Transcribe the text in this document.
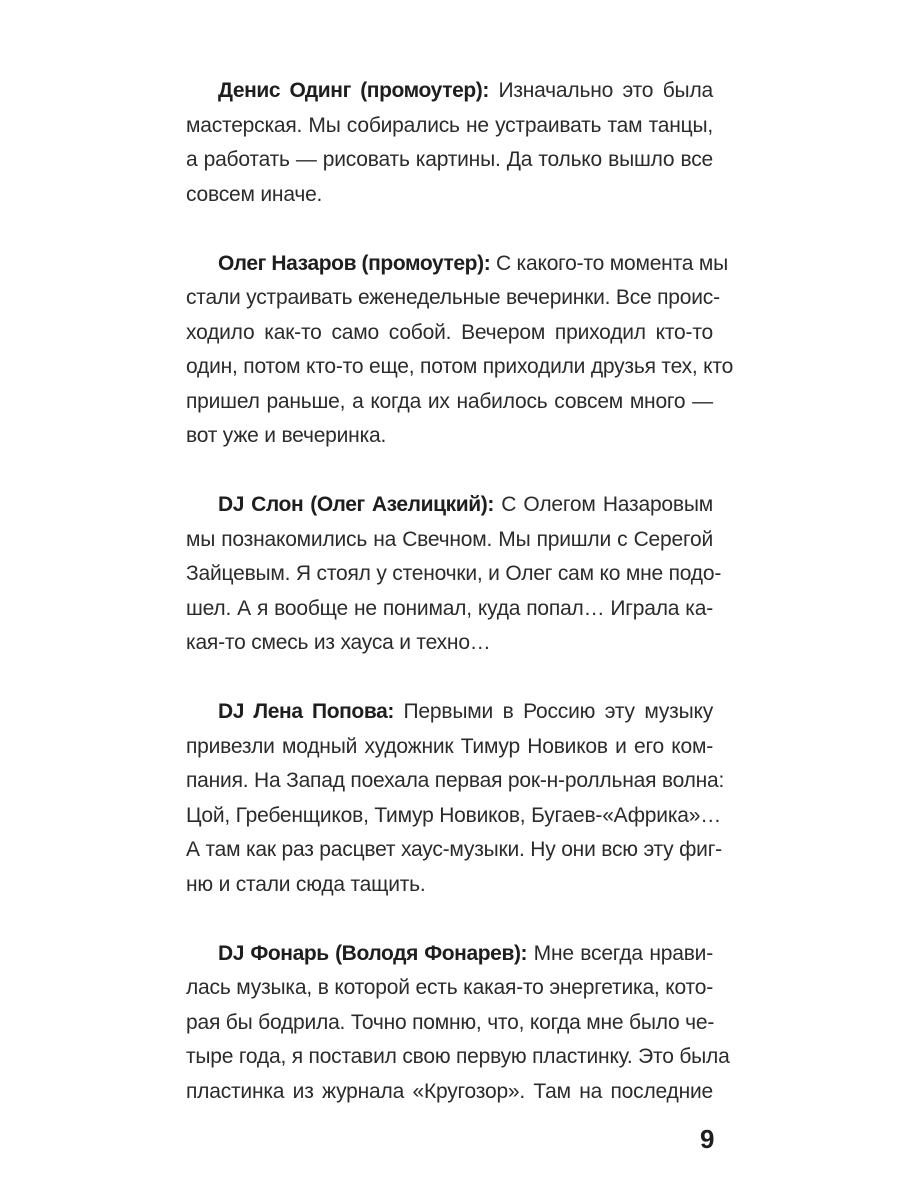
Денис Одинг (промоутер): Изначально это была
мастерская. Мы собирались не устраивать там танцы,
а работать — рисовать картины. Да только вышло все
совсем иначе.
Олег Назаров (промоутер): С какого-то момента мы
стали устраивать еженедельные вечеринки. Все проис-
ходило как-то само собой. Вечером приходил кто-то
один, потом кто-то еще, потом приходили друзья тех, кто
пришел раньше, а когда их набилось совсем много —
вот уже и вечеринка.
DJ Слон (Олег Азелицкий): С Олегом Назаровым
мы познакомились на Свечном. Мы пришли с Серегой
Зайцевым. Я стоял у стеночки, и Олег сам ко мне подо-
шел. А я вообще не понимал, куда попал… Играла ка-
кая-то смесь из хауса и техно…
DJ Лена Попова: Первыми в Россию эту музыку
привезли модный художник Тимур Новиков и его ком-
пания. На Запад поехала первая рок-н-ролльная волна:
Цой, Гребенщиков, Тимур Новиков, Бугаев-«Африка»…
А там как раз расцвет хаус-музыки. Ну они всю эту фиг-
ню и стали сюда тащить.
DJ Фонарь (Володя Фонарев): Мне всегда нрави-
лась музыка, в которой есть какая-то энергетика, кото-
рая бы бодрила. Точно помню, что, когда мне было че-
тыре года, я поставил свою первую пластинку. Это была
пластинка из журнала «Кругозор». Там на последние
9
